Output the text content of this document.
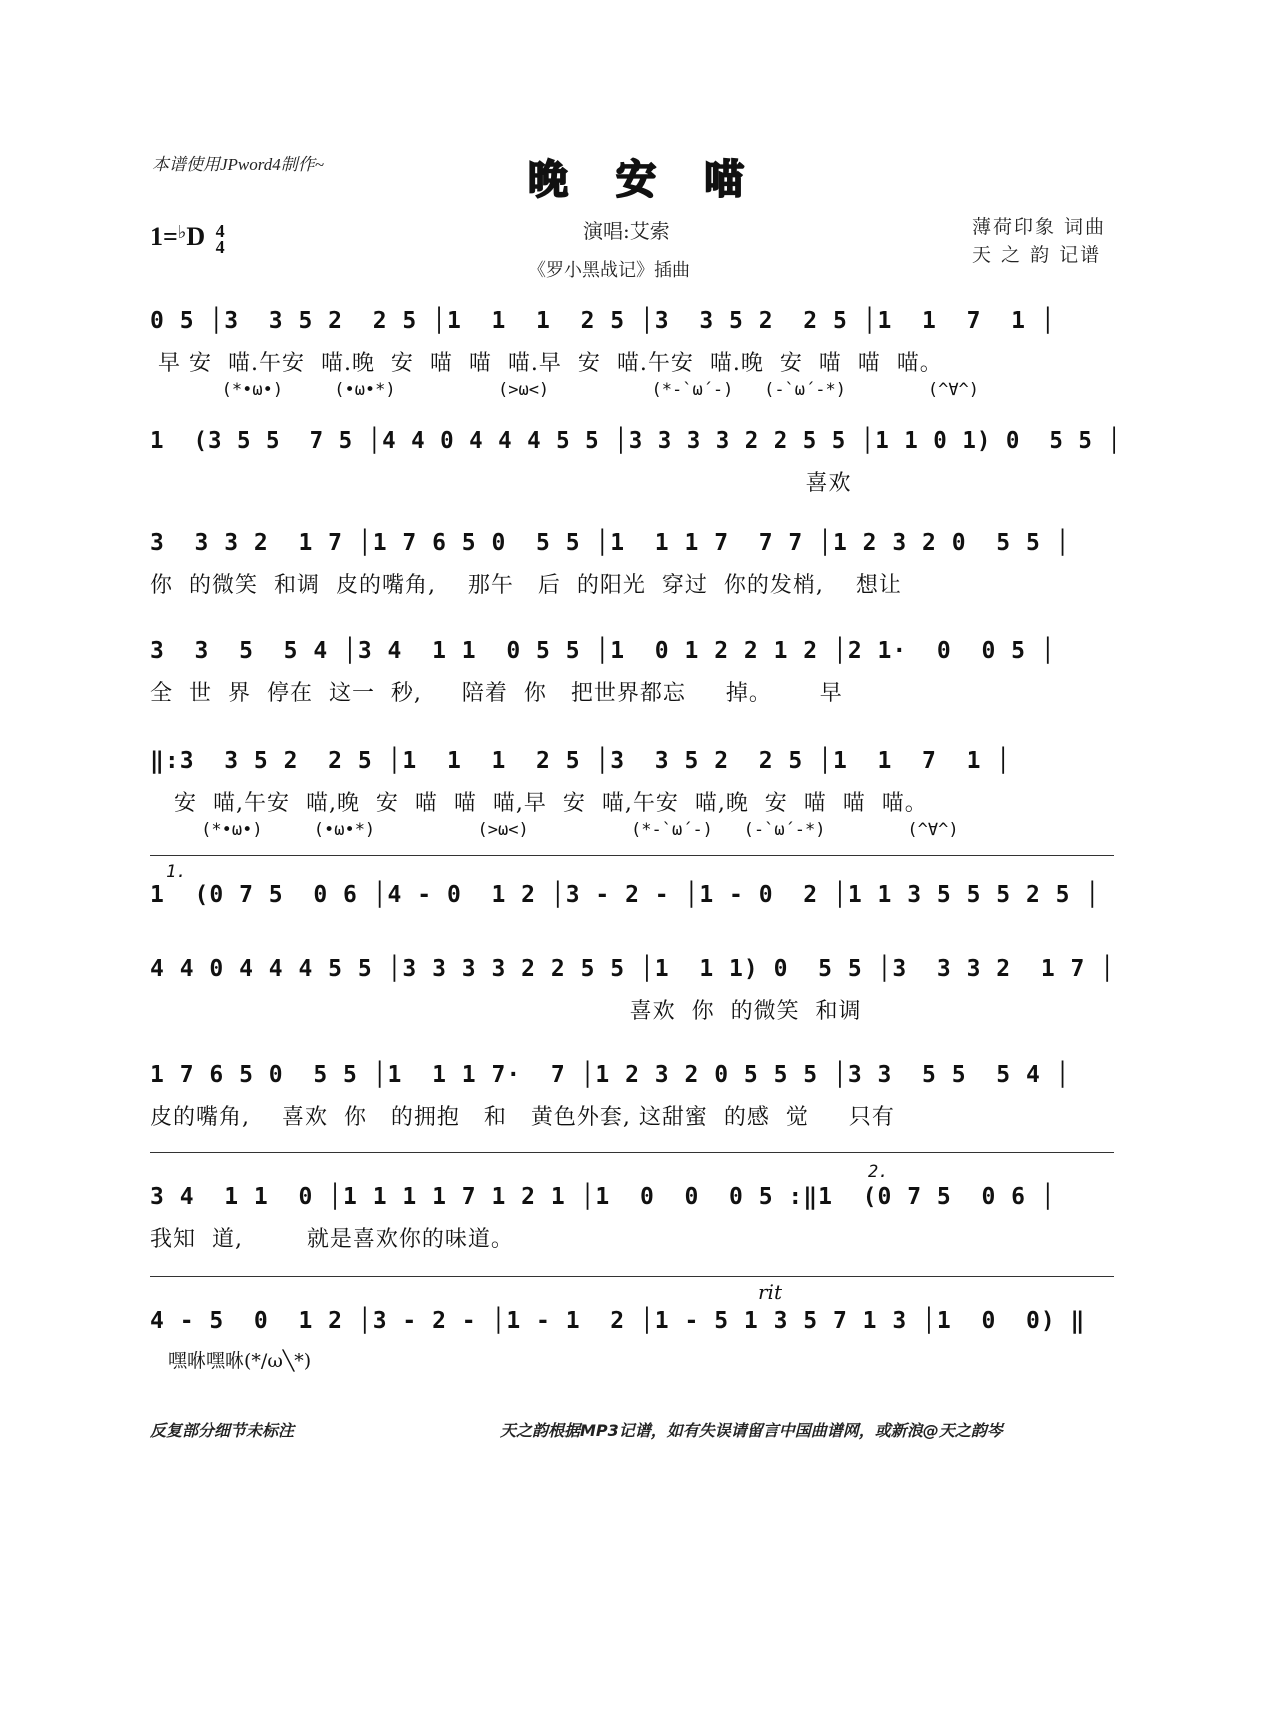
本谱使用JPword4制作~	晚安喵
1=♭D 4
4
演唱:艾索
《罗小黑战记》插曲
薄荷印象 词曲
天 之 韵 记谱
0 5 │3  3 5 2  2 5 │1  1  1  2 5 │3  3 5 2  2 5 │1  1  7  1 │
早 安  喵.午安  喵.晚  安  喵  喵  喵.早  安  喵.午安  喵.晚  安  喵  喵  喵。
(*•ω•)     (•ω•*)          (>ω<)          (*-`ω´-)   (-`ω´-*)        (^∀^)
1  (3 5 5  7 5 │4 4 0 4 4 4 5 5 │3 3 3 3 2 2 5 5 │1 1 0 1) 0  5 5 │
喜欢
3  3 3 2  1 7 │1 7 6 5 0  5 5 │1  1 1 7  7 7 │1 2 3 2 0  5 5 │
你  的微笑  和调  皮的嘴角,    那午   后  的阳光  穿过  你的发梢,    想让
3  3  5  5 4 │3 4  1 1  0 5 5 │1  0 1 2 2 1 2 │2 1·  0  0 5 │
全  世  界  停在  这一  秒,     陪着  你   把世界都忘     掉。      早
‖:3  3 5 2  2 5 │1  1  1  2 5 │3  3 5 2  2 5 │1  1  7  1 │
安  喵,午安  喵,晚  安  喵  喵  喵,早  安  喵,午安  喵,晚  安  喵  喵  喵。
(*•ω•)     (•ω•*)          (>ω<)          (*-`ω´-)   (-`ω´-*)        (^∀^)
1.
1  (0 7 5  0 6 │4 - 0  1 2 │3 - 2 - │1 - 0  2 │1 1 3 5 5 5 2 5 │
4 4 0 4 4 4 5 5 │3 3 3 3 2 2 5 5 │1  1 1) 0  5 5 │3  3 3 2  1 7 │
喜欢  你  的微笑  和调
1 7 6 5 0  5 5 │1  1 1 7·  7 │1 2 3 2 0 5 5 5 │3 3  5 5  5 4 │
皮的嘴角,    喜欢  你   的拥抱   和   黄色外套, 这甜蜜  的感  觉     只有
2.
3 4  1 1  0 │1 1 1 1 7 1 2 1 │1  0  0  0 5 :‖1  (0 7 5  0 6 │
我知  道,        就是喜欢你的味道。
rit
4 - 5  0  1 2 │3 - 2 - │1 - 1  2 │1 - 5 1 3 5 7 1 3 │1  0  0) ‖
嘿咻嘿咻(*/ω╲*)
反复部分细节未标注	天之韵根据MP3记谱，如有失误请留言中国曲谱网，或新浪@天之韵岑
